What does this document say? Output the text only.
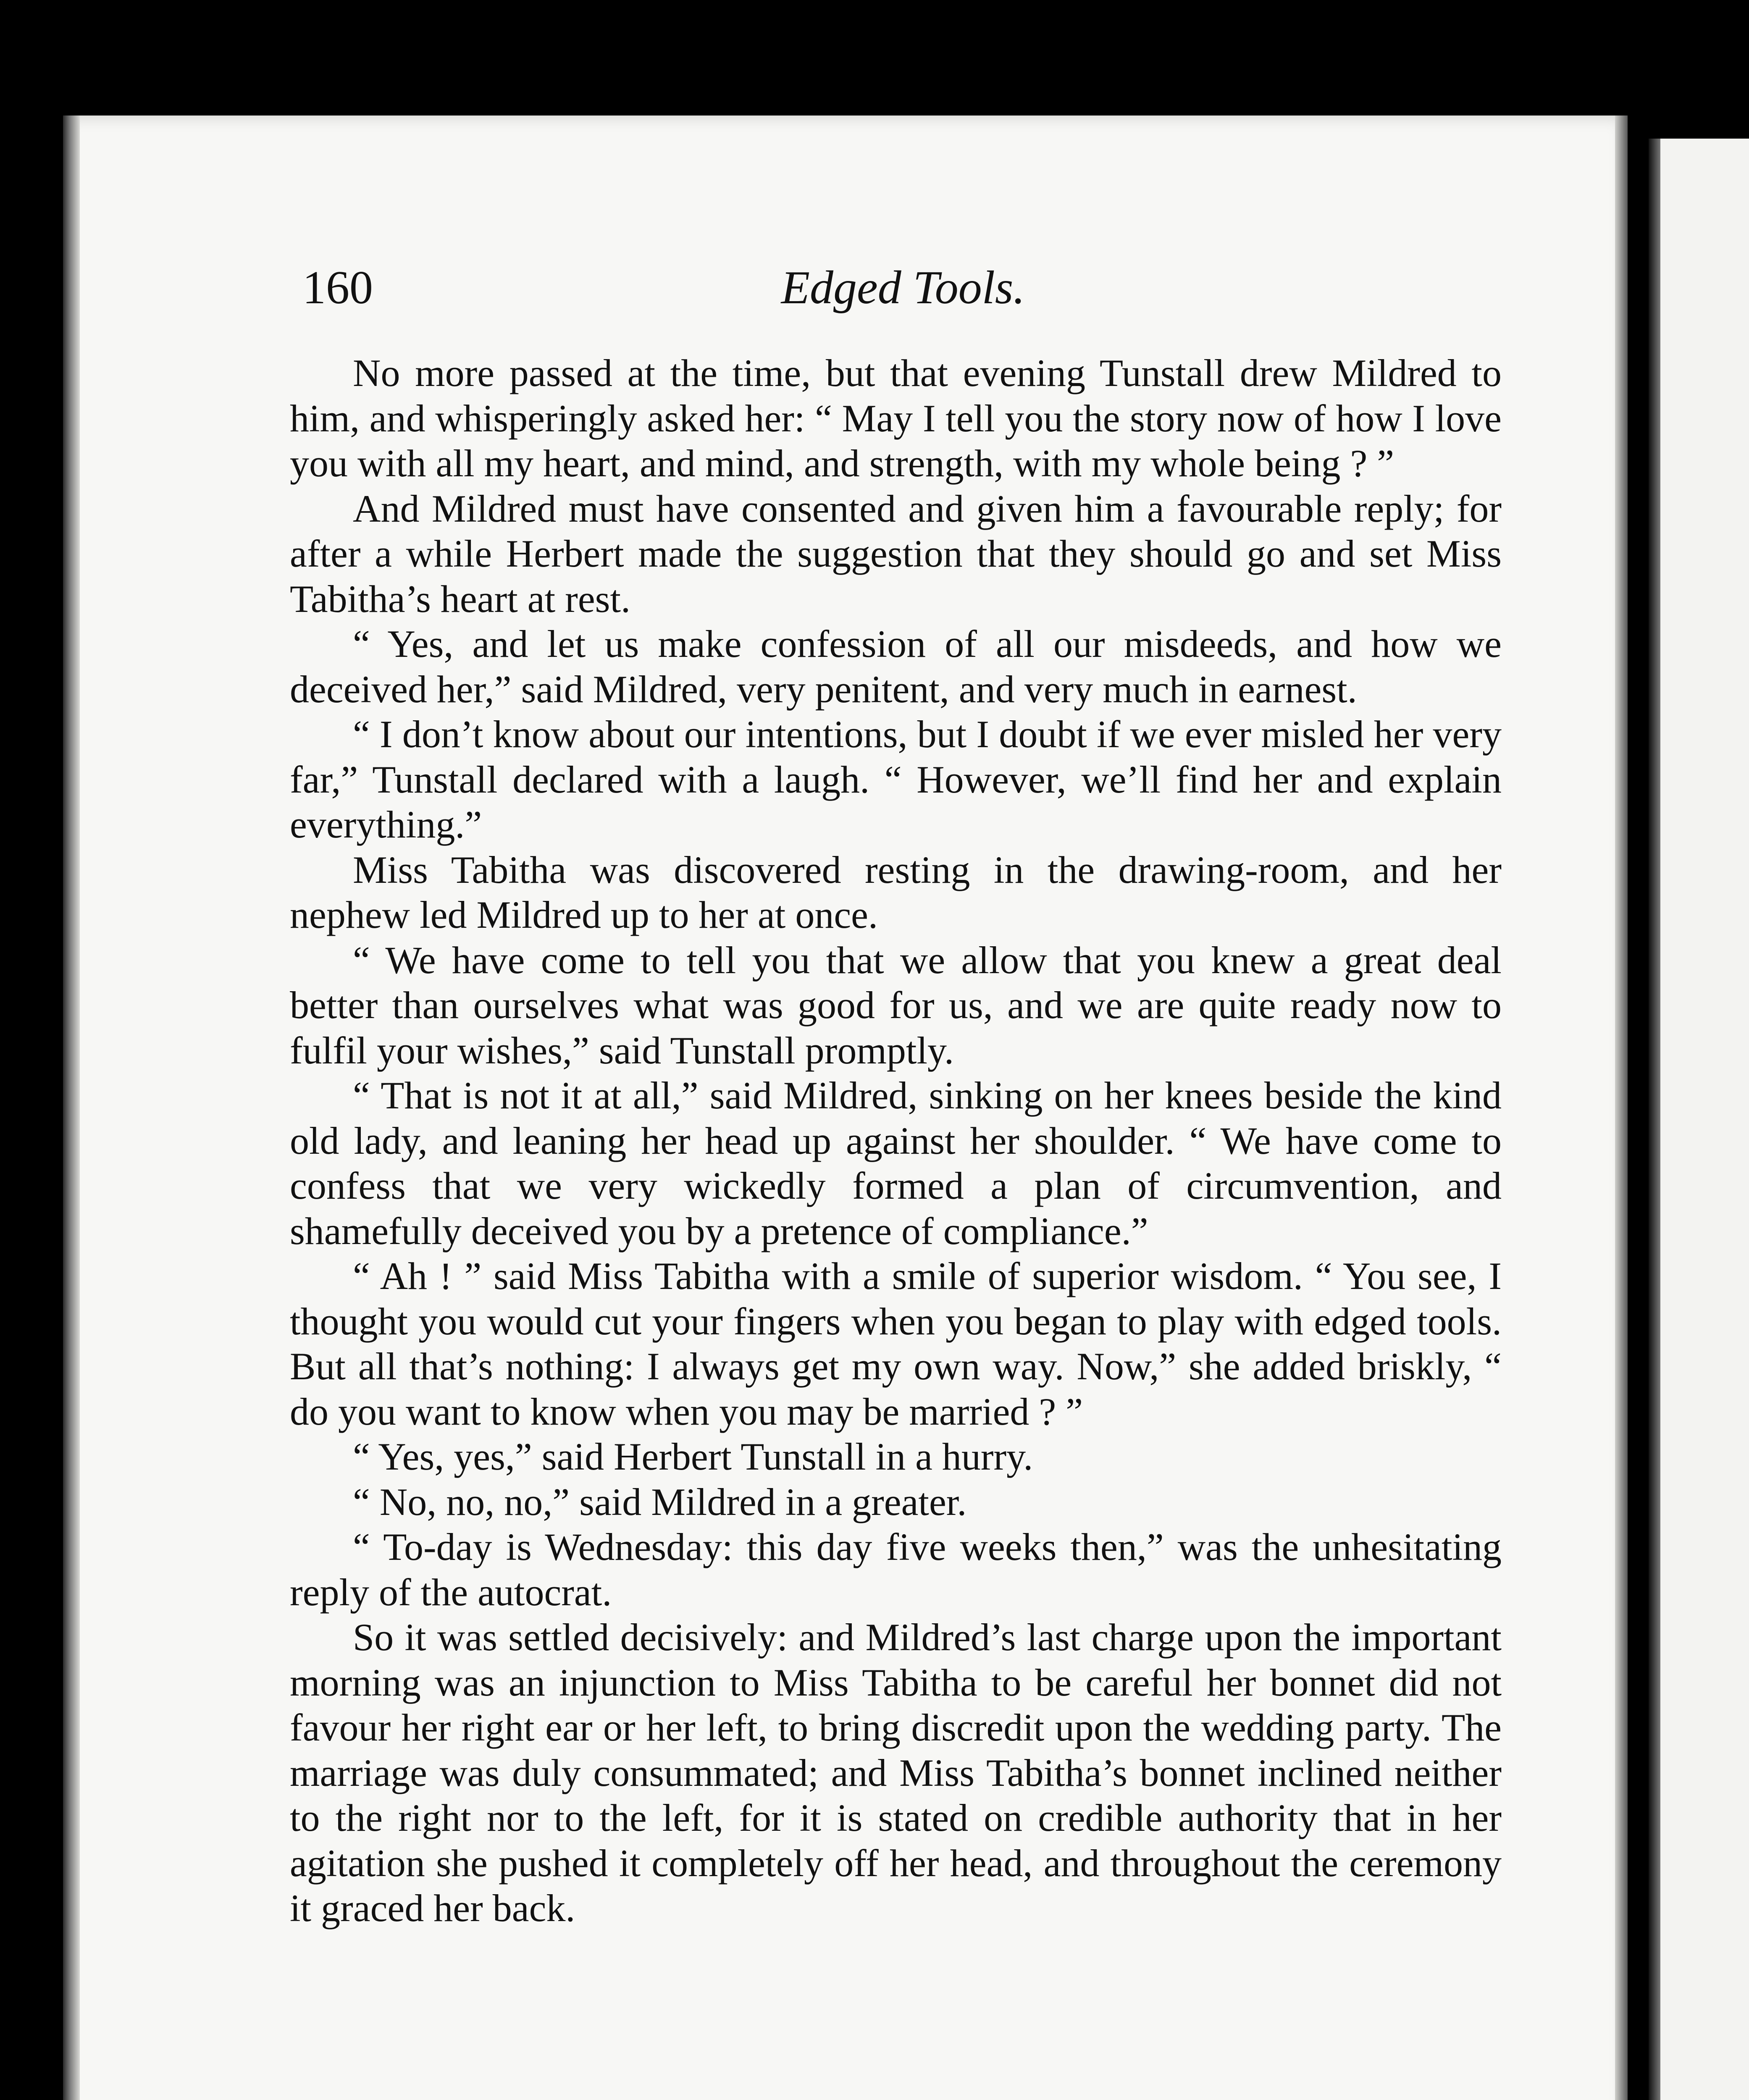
160	Edged Tools.

No more passed at the time, but that evening Tunstall drew Mildred to him, and whisperingly asked her: “ May I tell you the story now of how I love you with all my heart, and mind, and strength, with my whole being ? ”

And Mildred must have consented and given him a favourable reply; for after a while Herbert made the suggestion that they should go and set Miss Tabitha’s heart at rest.

“ Yes, and let us make confession of all our misdeeds, and how we deceived her,” said Mildred, very penitent, and very much in earnest.

“ I don’t know about our intentions, but I doubt if we ever misled her very far,” Tunstall declared with a laugh. “ However, we’ll find her and explain everything.”

Miss Tabitha was discovered resting in the drawing-room, and her nephew led Mildred up to her at once.

“ We have come to tell you that we allow that you knew a great deal better than ourselves what was good for us, and we are quite ready now to fulfil your wishes,” said Tunstall promptly.

“ That is not it at all,” said Mildred, sinking on her knees beside the kind old lady, and leaning her head up against her shoulder. “ We have come to confess that we very wickedly formed a plan of circumvention, and shamefully deceived you by a pretence of compliance.”

“ Ah ! ” said Miss Tabitha with a smile of superior wisdom. “ You see, I thought you would cut your fingers when you began to play with edged tools. But all that’s nothing: I always get my own way. Now,” she added briskly, “ do you want to know when you may be married ? ”

“ Yes, yes,” said Herbert Tunstall in a hurry.

“ No, no, no,” said Mildred in a greater.

“ To-day is Wednesday: this day five weeks then,” was the unhesitating reply of the autocrat.

So it was settled decisively: and Mildred’s last charge upon the important morning was an injunction to Miss Tabitha to be careful her bonnet did not favour her right ear or her left, to bring discredit upon the wedding party. The marriage was duly consummated; and Miss Tabitha’s bonnet inclined neither to the right nor to the left, for it is stated on credible authority that in her agitation she pushed it completely off her head, and throughout the ceremony it graced her back.
